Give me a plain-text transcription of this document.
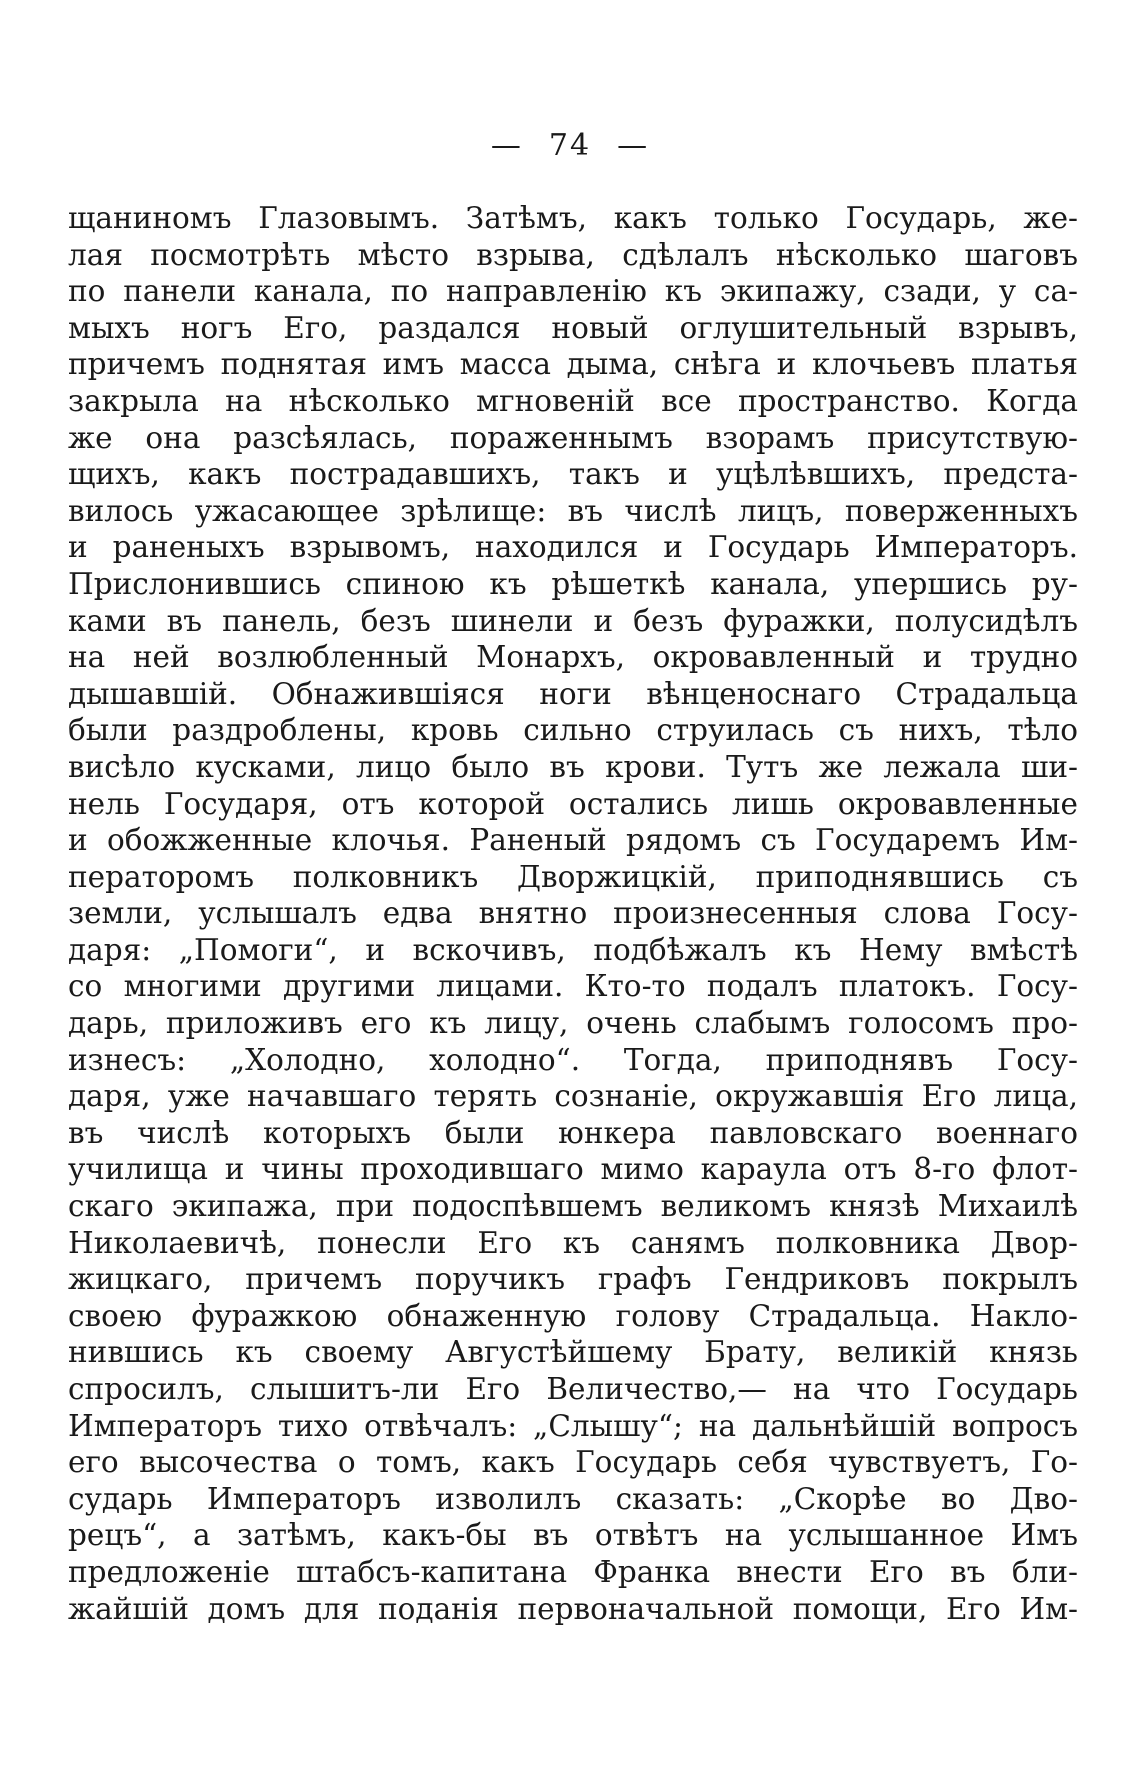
— 74 —
щаниномъ Глазовымъ. Затѣмъ, какъ только Государь, же-
лая посмотрѣть мѣсто взрыва, сдѣлалъ нѣсколько шаговъ
по панели канала, по направленію къ экипажу, сзади, у са-
мыхъ ногъ Его, раздался новый оглушительный взрывъ,
причемъ поднятая имъ масса дыма, снѣга и клочьевъ платья
закрыла на нѣсколько мгновеній все пространство. Когда
же она разсѣялась, пораженнымъ взорамъ присутствую-
щихъ, какъ пострадавшихъ, такъ и уцѣлѣвшихъ, предста-
вилось ужасающее зрѣлище: въ числѣ лицъ, поверженныхъ
и раненыхъ взрывомъ, находился и Государь Императоръ.
Прислонившись спиною къ рѣшеткѣ канала, упершись ру-
ками въ панель, безъ шинели и безъ фуражки, полусидѣлъ
на ней возлюбленный Монархъ, окровавленный и трудно
дышавшій. Обнажившіяся ноги вѣнценоснаго Страдальца
были раздроблены, кровь сильно струилась съ нихъ, тѣло
висѣло кусками, лицо было въ крови. Тутъ же лежала ши-
нель Государя, отъ которой остались лишь окровавленные
и обожженные клочья. Раненый рядомъ съ Государемъ Им-
ператоромъ полковникъ Дворжицкій, приподнявшись съ
земли, услышалъ едва внятно произнесенныя слова Госу-
даря: „Помоги“, и вскочивъ, подбѣжалъ къ Нему вмѣстѣ
со многими другими лицами. Кто-то подалъ платокъ. Госу-
дарь, приложивъ его къ лицу, очень слабымъ голосомъ про-
изнесъ: „Холодно, холодно“. Тогда, приподнявъ Госу-
даря, уже начавшаго терять сознаніе, окружавшія Его лица,
въ числѣ которыхъ были юнкера павловскаго военнаго
училища и чины проходившаго мимо караула отъ 8-го флот-
скаго экипажа, при подоспѣвшемъ великомъ князѣ Михаилѣ
Николаевичѣ, понесли Его къ санямъ полковника Двор-
жицкаго, причемъ поручикъ графъ Гендриковъ покрылъ
своею фуражкою обнаженную голову Страдальца. Накло-
нившись къ своему Августѣйшему Брату, великій князь
спросилъ, слышитъ-ли Его Величество,— на что Государь
Императоръ тихо отвѣчалъ: „Слышу“; на дальнѣйшій вопросъ
его высочества о томъ, какъ Государь себя чувствуетъ, Го-
сударь Императоръ изволилъ сказать: „Скорѣе во Дво-
рецъ“, а затѣмъ, какъ-бы въ отвѣтъ на услышанное Имъ
предложеніе штабсъ-капитана Франка внести Его въ бли-
жайшій домъ для поданія первоначальной помощи, Его Им-
